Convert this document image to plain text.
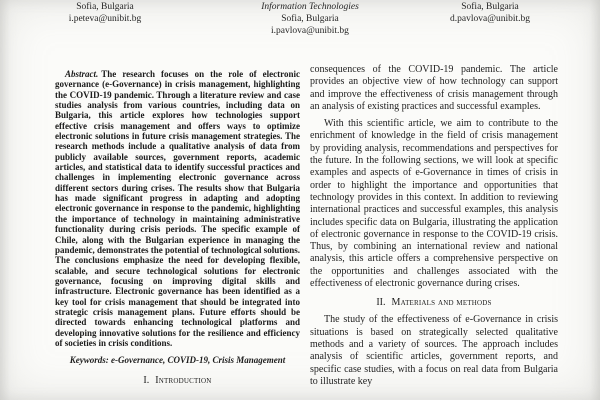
Sofia, Bulgaria
i.peteva@unibit.bg
Information Technologies
Sofia, Bulgaria
i.pavlova@unibit.bg
Sofia, Bulgaria
d.pavlova@unibit.bg

Abstract. The research focuses on the role of electronic governance (e-Governance) in crisis management, highlighting the COVID-19 pandemic. Through a literature review and case studies analysis from various countries, including data on Bulgaria, this article explores how technologies support effective crisis management and offers ways to optimize electronic solutions in future crisis management strategies. The research methods include a qualitative analysis of data from publicly available sources, government reports, academic articles, and statistical data to identify successful practices and challenges in implementing electronic governance across different sectors during crises. The results show that Bulgaria has made significant progress in adapting and adopting electronic governance in response to the pandemic, highlighting the importance of technology in maintaining administrative functionality during crisis periods. The specific example of Chile, along with the Bulgarian experience in managing the pandemic, demonstrates the potential of technological solutions. The conclusions emphasize the need for developing flexible, scalable, and secure technological solutions for electronic governance, focusing on improving digital skills and infrastructure. Electronic governance has been identified as a key tool for crisis management that should be integrated into strategic crisis management plans. Future efforts should be directed towards enhancing technological platforms and developing innovative solutions for the resilience and efficiency of societies in crisis conditions.

Keywords: e-Governance, COVID-19, Crisis Management

I. Introduction

consequences of the COVID-19 pandemic. The article provides an objective view of how technology can support and improve the effectiveness of crisis management through an analysis of existing practices and successful examples.

With this scientific article, we aim to contribute to the enrichment of knowledge in the field of crisis management by providing analysis, recommendations and perspectives for the future. In the following sections, we will look at specific examples and aspects of e-Governance in times of crisis in order to highlight the importance and opportunities that technology provides in this context. In addition to reviewing international practices and successful examples, this analysis includes specific data on Bulgaria, illustrating the application of electronic governance in response to the COVID-19 crisis. Thus, by combining an international review and national analysis, this article offers a comprehensive perspective on the opportunities and challenges associated with the effectiveness of electronic governance during crises.

II. Materials and methods

The study of the effectiveness of e-Governance in crisis situations is based on strategically selected qualitative methods and a variety of sources. The approach includes analysis of scientific articles, government reports, and specific case studies, with a focus on real data from Bulgaria to illustrate key
